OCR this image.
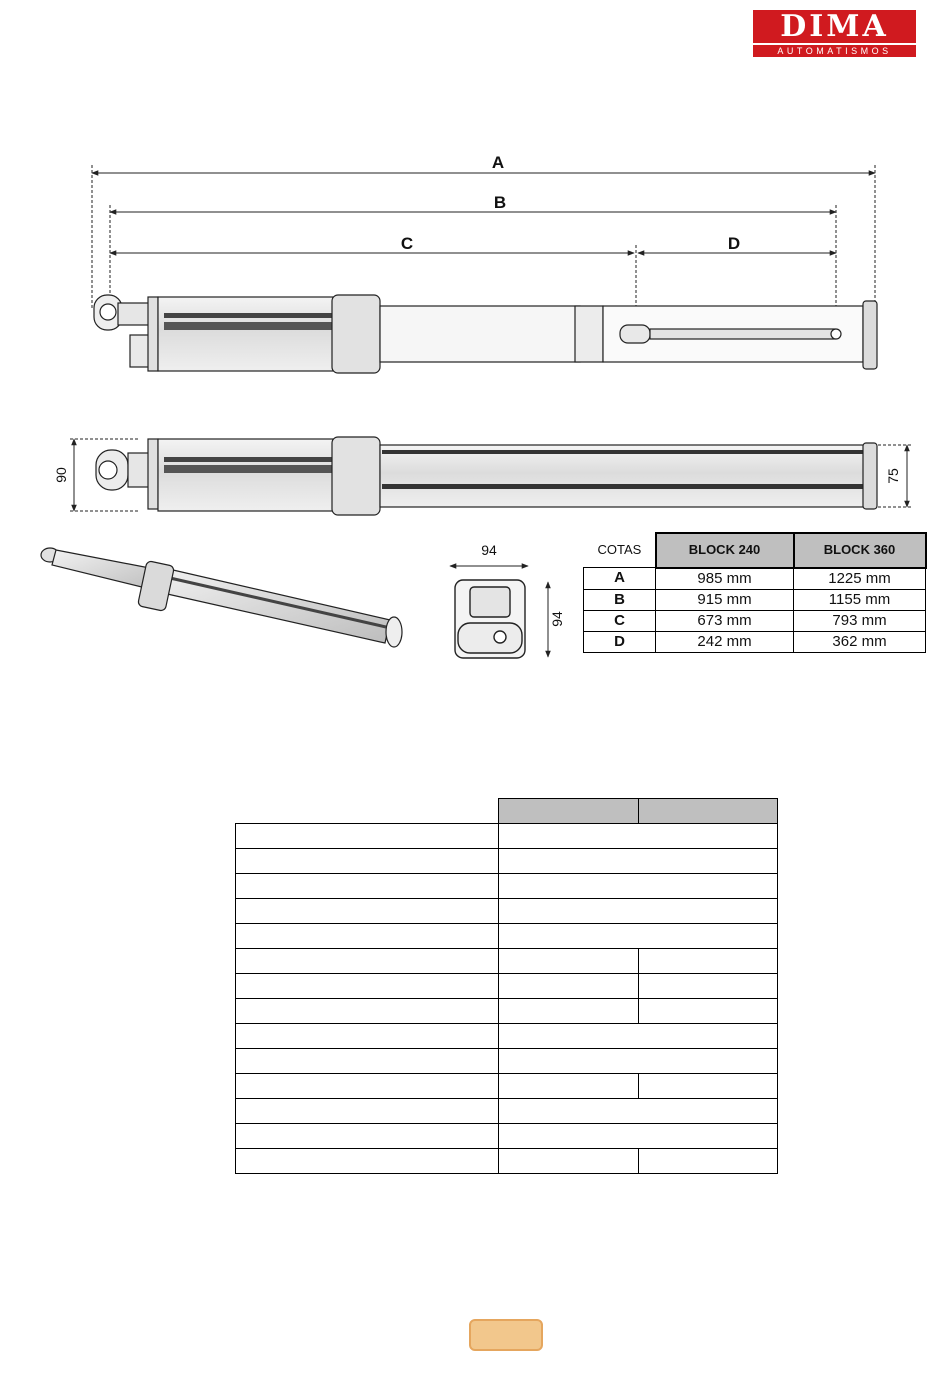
DIMA
AUTOMATISMOS
A
B
C	D
90	75
94
94
COTAS	BLOCK 240	BLOCK 360
A	985 mm	1225 mm
B	915 mm	1155 mm
C	673 mm	793 mm
D	242 mm	362 mm
